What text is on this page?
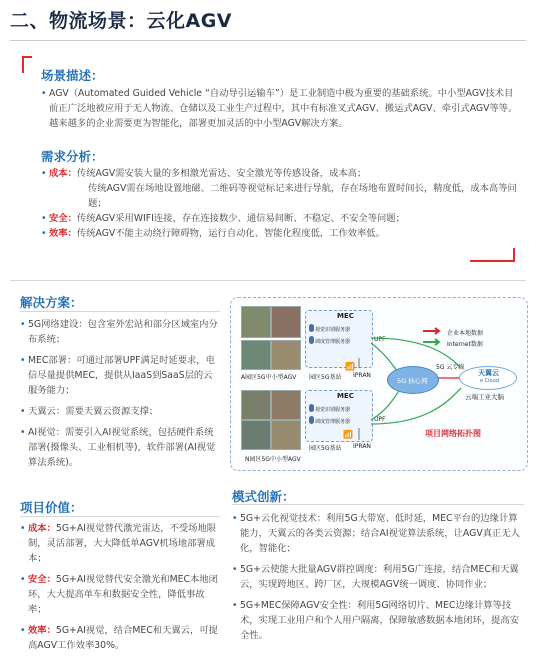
二、物流场景：云化AGV
场景描述：
• AGV（Automated Guided Vehicle “自动导引运输车”）是工业制造中极为重要的基础系统。中小型AGV技术目前正广泛地被应用于无人物流、仓储以及工业生产过程中，其中有标准叉式AGV、搬运式AGV、牵引式AGV等等。越来越多的企业需要更为智能化，部署更加灵活的中小型AGV解决方案。
需求分析：
• 成本：传统AGV需安装大量的多相激光雷达、安全激光等传感设备，成本高；
传统AGV需在场地设置地磁、二维码等视觉标记来进行导航，存在场地布置时间长，精度低，成本高等问题；
• 安全：传统AGV采用WIFI连接，存在连接数少、通信易间断、不稳定、不安全等问题；
• 效率：传统AGV不能主动绕行障碍物，运行自动化、智能化程度低，工作效率低。
解决方案：
• 5G网络建设：包含室外宏站和部分区域室内分布系统；
• MEC部署：可通过部署UPF满足时延要求，电信尽量提供MEC，提供从IaaS到SaaS层的云服务能力；
• 天翼云：需要天翼云资源支撑；
• AI视觉：需要引入AI视觉系统，包括硬件系统部署(摄像头、工业相机等)，软件部署(AI视觉算法系统)。
MEC
视觉识别服务器
调度管理服务器	UPF
A园区5G中小型AGV 园区5G基站
📶
IPRAN
MEC
视觉识别服务器
调度管理服务器	UPF
N园区5G中小型AGV
园区5G基站
📶
IPRAN
企业本地数据
Internet数据
5G 核心网
5G 云专线
天翼云
e Cloud
云端工业大脑
项目网络拓扑图
项目价值：
• 成本：5G+AI视觉替代激光雷达，不受场地限制，灵活部署，大大降低单AGV机场地部署成本；
• 安全：5G+AI视觉替代安全激光和MEC本地闭环，大大提高单车和数据安全性，降低事故率；
• 效率：5G+AI视觉，结合MEC和天翼云，可提高AGV工作效率30%。
模式创新：
• 5G+云化视觉技术：利用5G大带宽、低时延，MEC平台的边缘计算能力，天翼云的各类云资源；结合AI视觉算法系统，让AGV真正无人化，智能化；
• 5G+云使能大批量AGV群控调度：利用5G广连接，结合MEC和天翼云，实现跨地区、跨厂区，大规模AGV统一调度、协同作业；
• 5G+MEC保障AGV安全性：利用5G网络切片、MEC边缘计算等技术，实现工业用户和个人用户隔离，保障敏感数据本地闭环，提高安全性。
